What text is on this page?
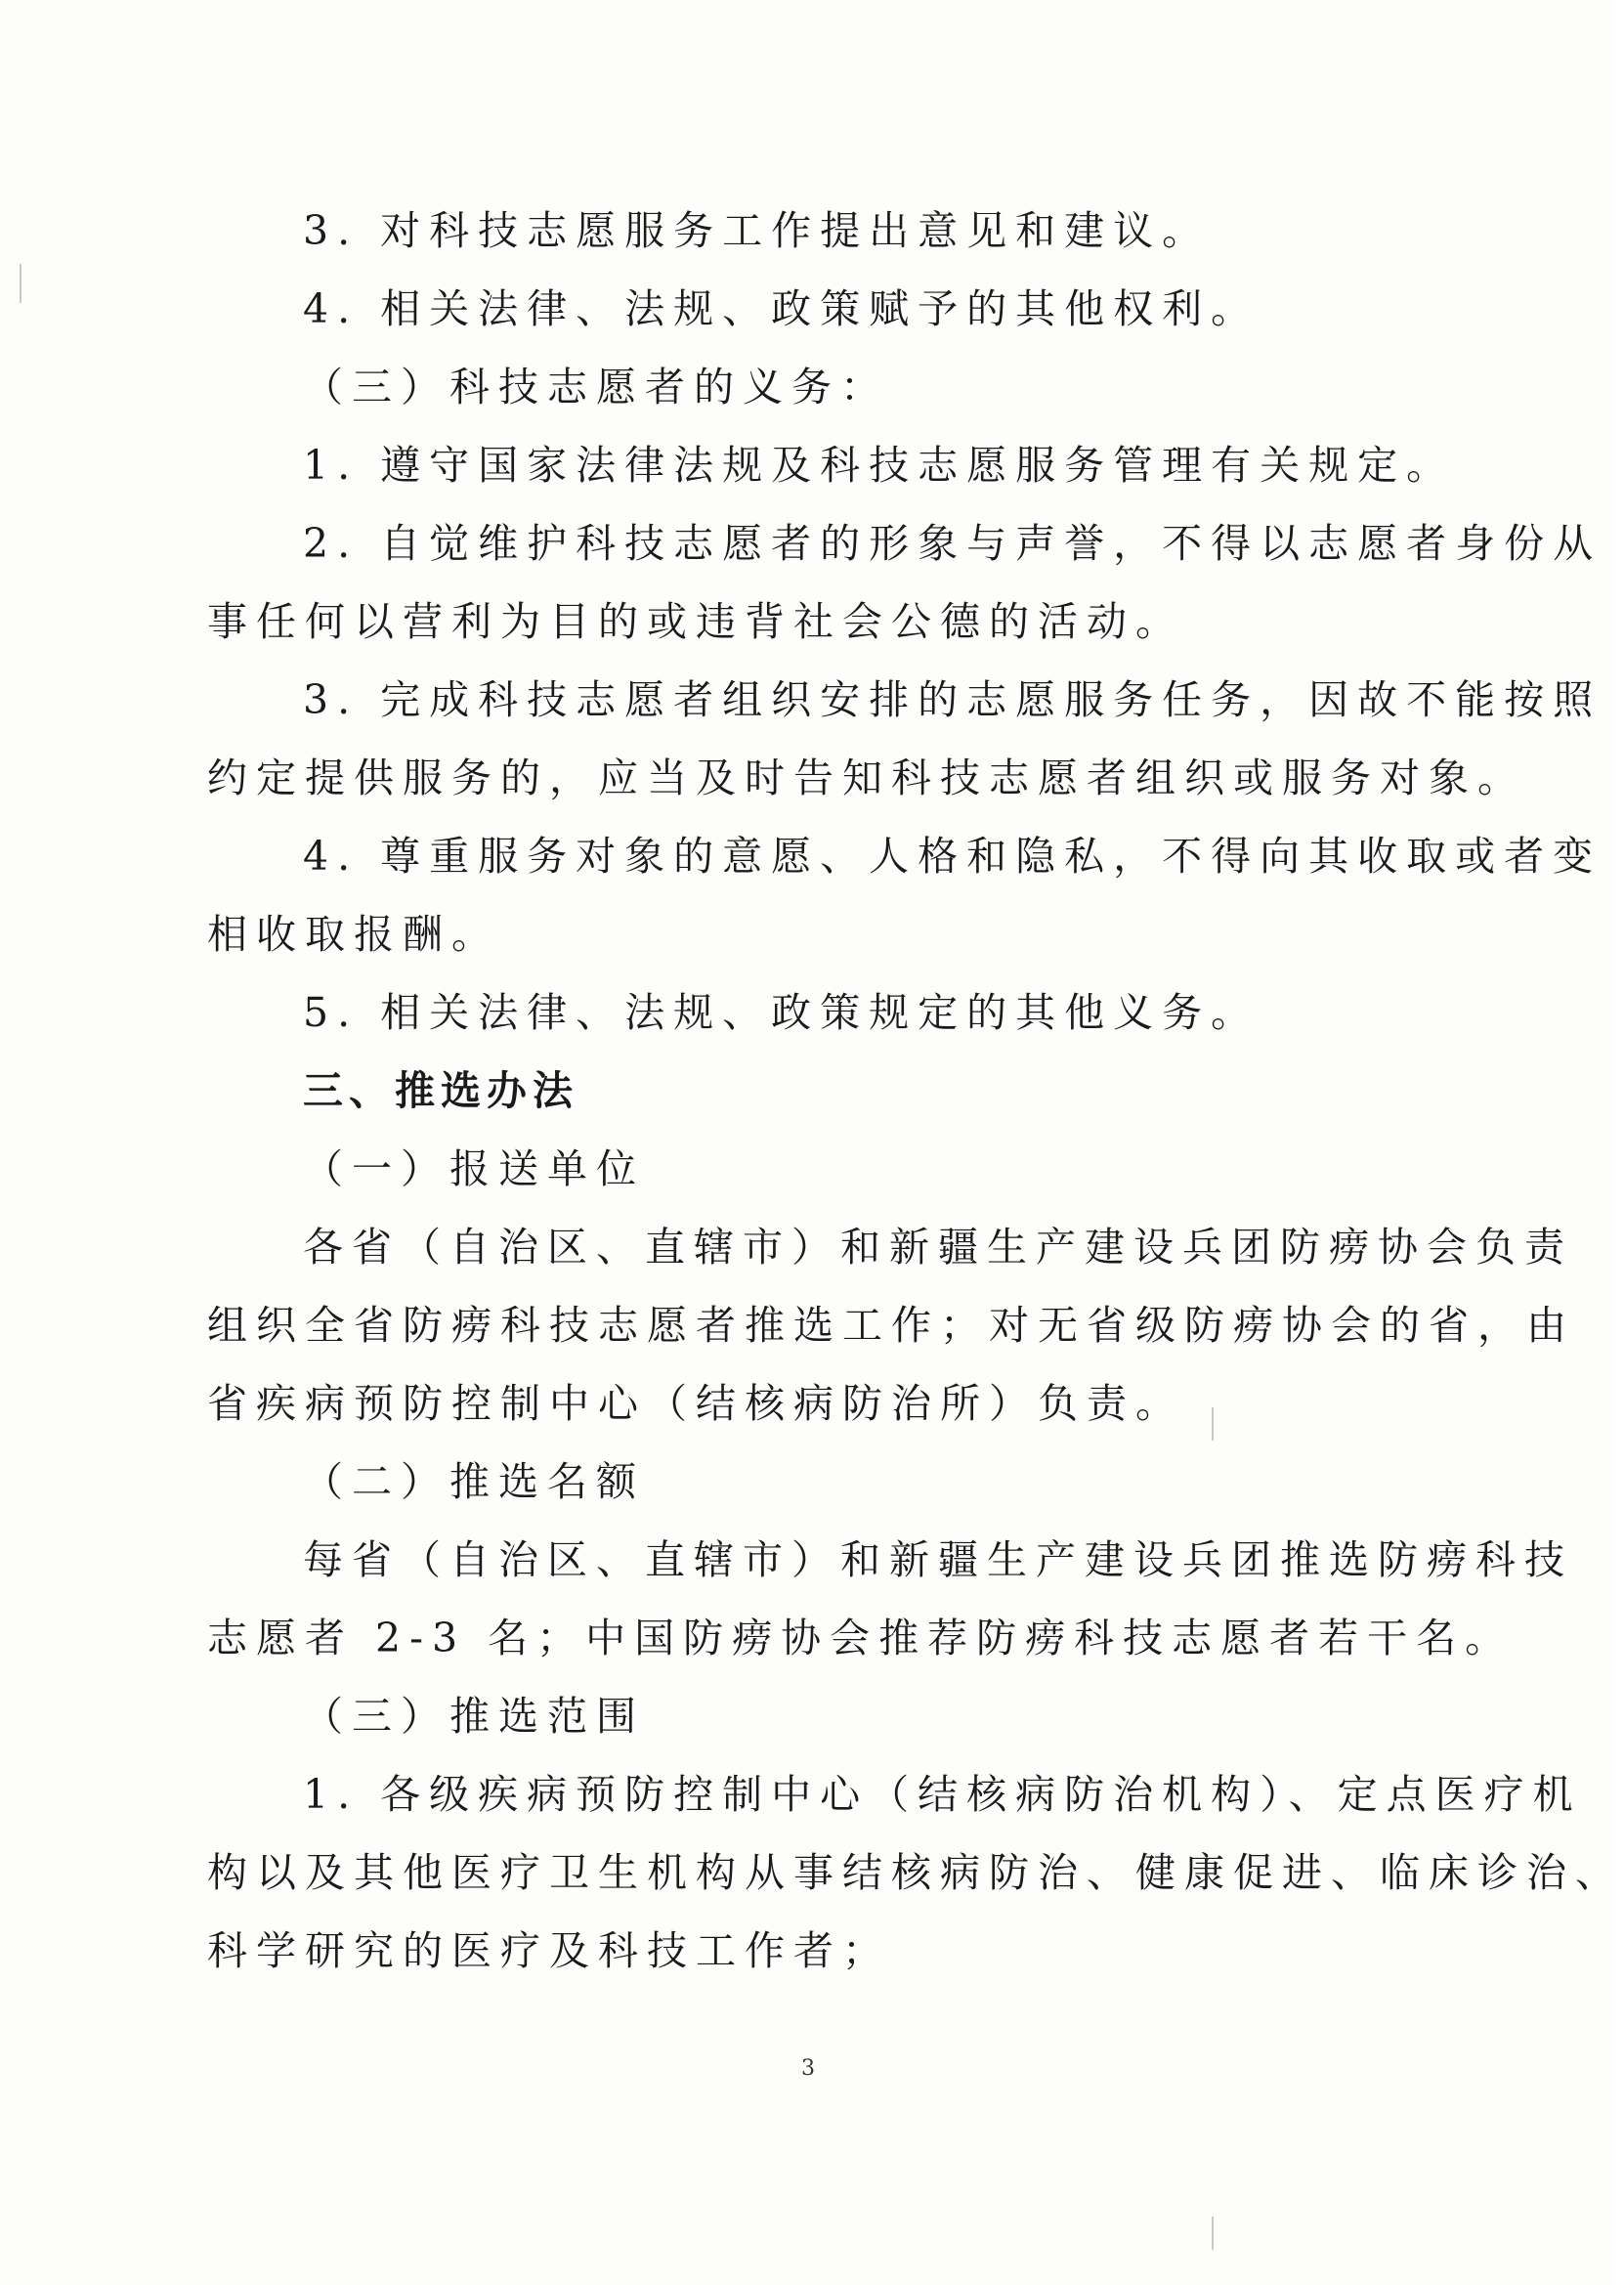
3. 对科技志愿服务工作提出意见和建议。
4. 相关法律、法规、政策赋予的其他权利。
（三）科技志愿者的义务：
1. 遵守国家法律法规及科技志愿服务管理有关规定。
2. 自觉维护科技志愿者的形象与声誉，不得以志愿者身份从
事任何以营利为目的或违背社会公德的活动。
3. 完成科技志愿者组织安排的志愿服务任务，因故不能按照
约定提供服务的，应当及时告知科技志愿者组织或服务对象。
4. 尊重服务对象的意愿、人格和隐私，不得向其收取或者变
相收取报酬。
5. 相关法律、法规、政策规定的其他义务。
三、推选办法
（一）报送单位
各省（自治区、直辖市）和新疆生产建设兵团防痨协会负责
组织全省防痨科技志愿者推选工作；对无省级防痨协会的省，由
省疾病预防控制中心（结核病防治所）负责。
（二）推选名额
每省（自治区、直辖市）和新疆生产建设兵团推选防痨科技
志愿者 2-3 名；中国防痨协会推荐防痨科技志愿者若干名。
（三）推选范围
1. 各级疾病预防控制中心（结核病防治机构）、定点医疗机
构以及其他医疗卫生机构从事结核病防治、健康促进、临床诊治、
科学研究的医疗及科技工作者；
3
